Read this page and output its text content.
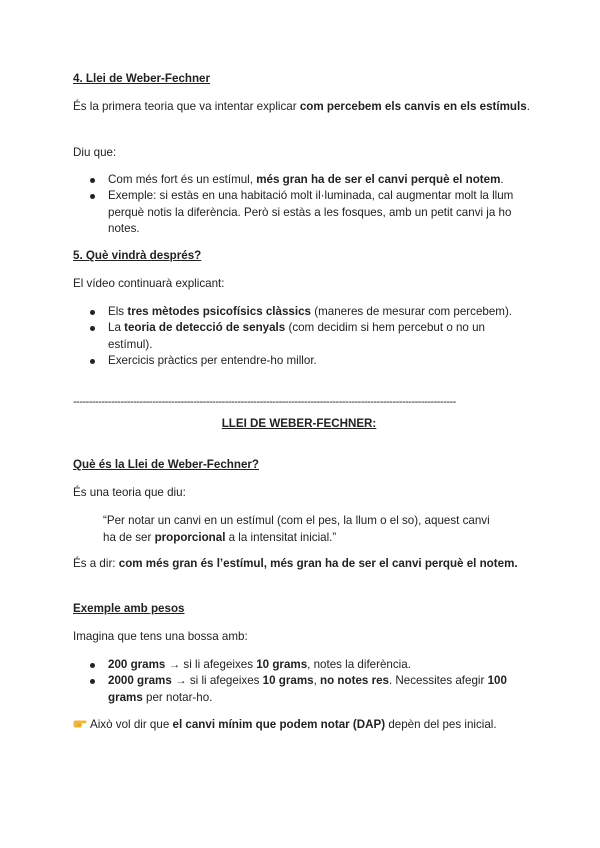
4. Llei de Weber-Fechner

És la primera teoria que va intentar explicar com percebem els canvis en els estímuls.

Diu que:

Com més fort és un estímul, més gran ha de ser el canvi perquè el notem.
Exemple: si estàs en una habitació molt il·luminada, cal augmentar molt la llum perquè notis la diferència. Però si estàs a les fosques, amb un petit canvi ja ho notes.

5. Què vindrà després?

El vídeo continuarà explicant:

Els tres mètodes psicofísics clàssics (maneres de mesurar com percebem).
La teoria de detecció de senyals (com decidim si hem percebut o no un estímul).
Exercicis pràctics per entendre-ho millor.
-------------------------------------------------------------------------------------------------------------------------
LLEI DE WEBER-FECHNER:

Què és la Llei de Weber-Fechner?

És una teoria que diu:

“Per notar un canvi en un estímul (com el pes, la llum o el so), aquest canvi ha de ser proporcional a la intensitat inicial.”

És a dir: com més gran és l’estímul, més gran ha de ser el canvi perquè el notem.

Exemple amb pesos

Imagina que tens una bossa amb:

200 grams → si li afegeixes 10 grams, notes la diferència.
2000 grams → si li afegeixes 10 grams, no notes res. Necessites afegir 100 grams per notar-ho.

Això vol dir que el canvi mínim que podem notar (DAP) depèn del pes inicial.
